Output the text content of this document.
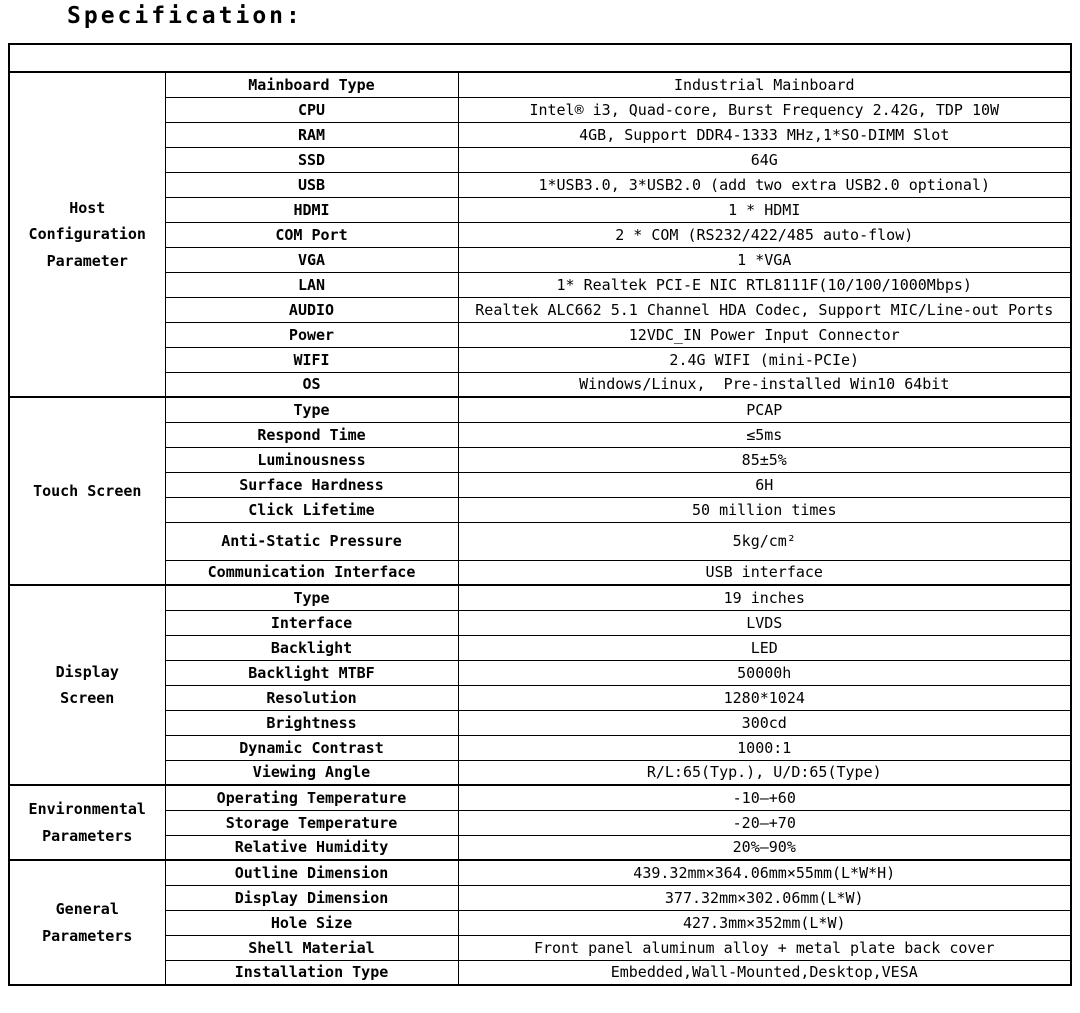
Specification:

Host Configuration Parameter	Mainboard Type	Industrial Mainboard
	CPU	Intel® i3, Quad-core, Burst Frequency 2.42G, TDP 10W
	RAM	4GB, Support DDR4-1333 MHz,1*SO-DIMM Slot
	SSD	64G
	USB	1*USB3.0, 3*USB2.0 (add two extra USB2.0 optional)
	HDMI	1 * HDMI
	COM Port	2 * COM (RS232/422/485 auto-flow)
	VGA	1 *VGA
	LAN	1* Realtek PCI-E NIC RTL8111F(10/100/1000Mbps)
	AUDIO	Realtek ALC662 5.1 Channel HDA Codec, Support MIC/Line-out Ports
	Power	12VDC_IN Power Input Connector
	WIFI	2.4G WIFI (mini-PCIe)
	OS	Windows/Linux,  Pre-installed Win10 64bit
Touch Screen	Type	PCAP
	Respond Time	≤5ms
	Luminousness	85±5%
	Surface Hardness	6H
	Click Lifetime	50 million times
	Anti-Static Pressure	5kg/cm²
	Communication Interface	USB interface
Display Screen	Type	19 inches
	Interface	LVDS
	Backlight	LED
	Backlight MTBF	50000h
	Resolution	1280*1024
	Brightness	300cd
	Dynamic Contrast	1000:1
	Viewing Angle	R/L:65(Typ.), U/D:65(Type)
Environmental Parameters	Operating Temperature	-10—+60
	Storage Temperature	-20—+70
	Relative Humidity	20%—90%
General Parameters	Outline Dimension	439.32mm×364.06mm×55mm(L*W*H)
	Display Dimension	377.32mm×302.06mm(L*W)
	Hole Size	427.3mm×352mm(L*W)
	Shell Material	Front panel aluminum alloy + metal plate back cover
	Installation Type	Embedded,Wall-Mounted,Desktop,VESA
